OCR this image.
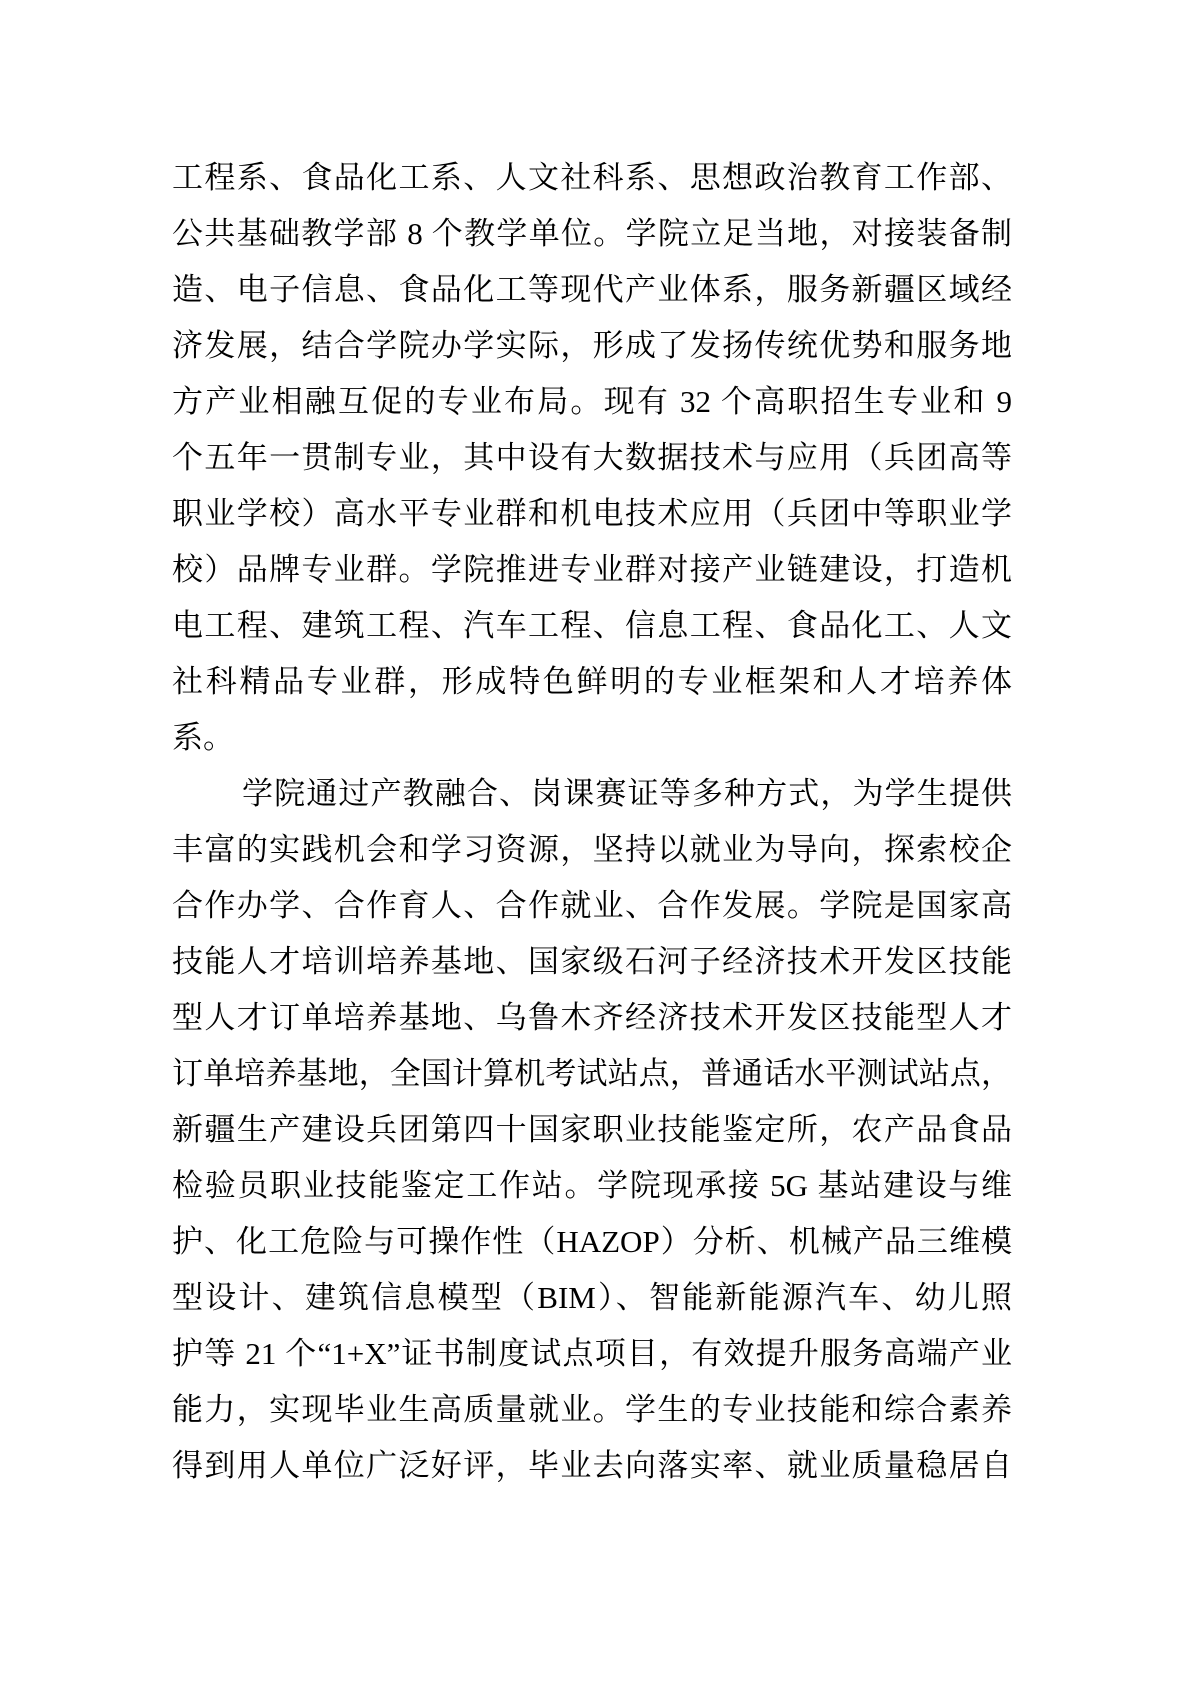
工程系、食品化工系、人文社科系、思想政治教育工作部、
公共基础教学部 8 个教学单位。学院立足当地，对接装备制
造、电子信息、食品化工等现代产业体系，服务新疆区域经
济发展，结合学院办学实际，形成了发扬传统优势和服务地
方产业相融互促的专业布局。现有 32 个高职招生专业和 9
个五年一贯制专业，其中设有大数据技术与应用（兵团高等
职业学校）高水平专业群和机电技术应用（兵团中等职业学
校）品牌专业群。学院推进专业群对接产业链建设，打造机
电工程、建筑工程、汽车工程、信息工程、食品化工、人文
社科精品专业群，形成特色鲜明的专业框架和人才培养体
系。
学院通过产教融合、岗课赛证等多种方式，为学生提供
丰富的实践机会和学习资源，坚持以就业为导向，探索校企
合作办学、合作育人、合作就业、合作发展。学院是国家高
技能人才培训培养基地、国家级石河子经济技术开发区技能
型人才订单培养基地、乌鲁木齐经济技术开发区技能型人才
订单培养基地，全国计算机考试站点，普通话水平测试站点，
新疆生产建设兵团第四十国家职业技能鉴定所，农产品食品
检验员职业技能鉴定工作站。学院现承接 5G 基站建设与维
护、化工危险与可操作性（HAZOP）分析、机械产品三维模
型设计、建筑信息模型（BIM）、智能新能源汽车、幼儿照
护等 21 个“1+X”证书制度试点项目，有效提升服务高端产业
能力，实现毕业生高质量就业。学生的专业技能和综合素养
得到用人单位广泛好评，毕业去向落实率、就业质量稳居自
